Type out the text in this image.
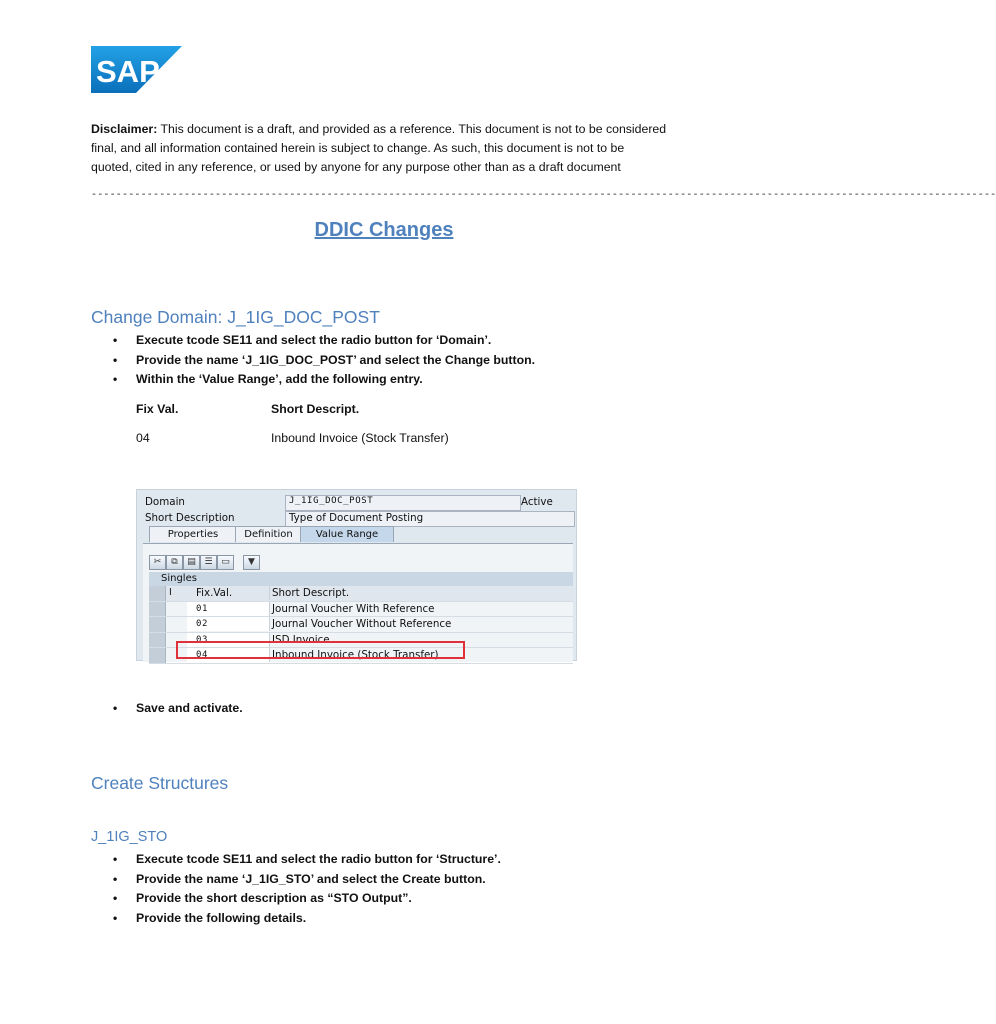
SAP
Disclaimer: This document is a draft, and provided as a reference. This document is not to be considered
final, and all information contained herein is subject to change. As such, this document is not to be
quoted, cited in any reference, or used by anyone for any purpose other than as a draft document
--------------------------------------------------------------------------------------------------------------------------------------------------
DDIC Changes
Change Domain: J_1IG_DOC_POST
• Execute tcode SE11 and select the radio button for ‘Domain’.
• Provide the name ‘J_1IG_DOC_POST’ and select the Change button.
• Within the ‘Value Range’, add the following entry.
Fix Val.	Short Descript.
04	Inbound Invoice (Stock Transfer)
Domain	J_1IG_DOC_POST	Active
Short Description	Type of Document Posting
Properties	Definition	Value Range
✂	⧉	▤ ☰ ▭	▼
Singles
I	Fix.Val.	Short Descript.
01	Journal Voucher With Reference
02	Journal Voucher Without Reference
03	ISD Invoice
04	Inbound Invoice (Stock Transfer)
• Save and activate.
Create Structures
J_1IG_STO
• Execute tcode SE11 and select the radio button for ‘Structure’.
• Provide the name ‘J_1IG_STO’ and select the Create button.
• Provide the short description as “STO Output”.
• Provide the following details.
